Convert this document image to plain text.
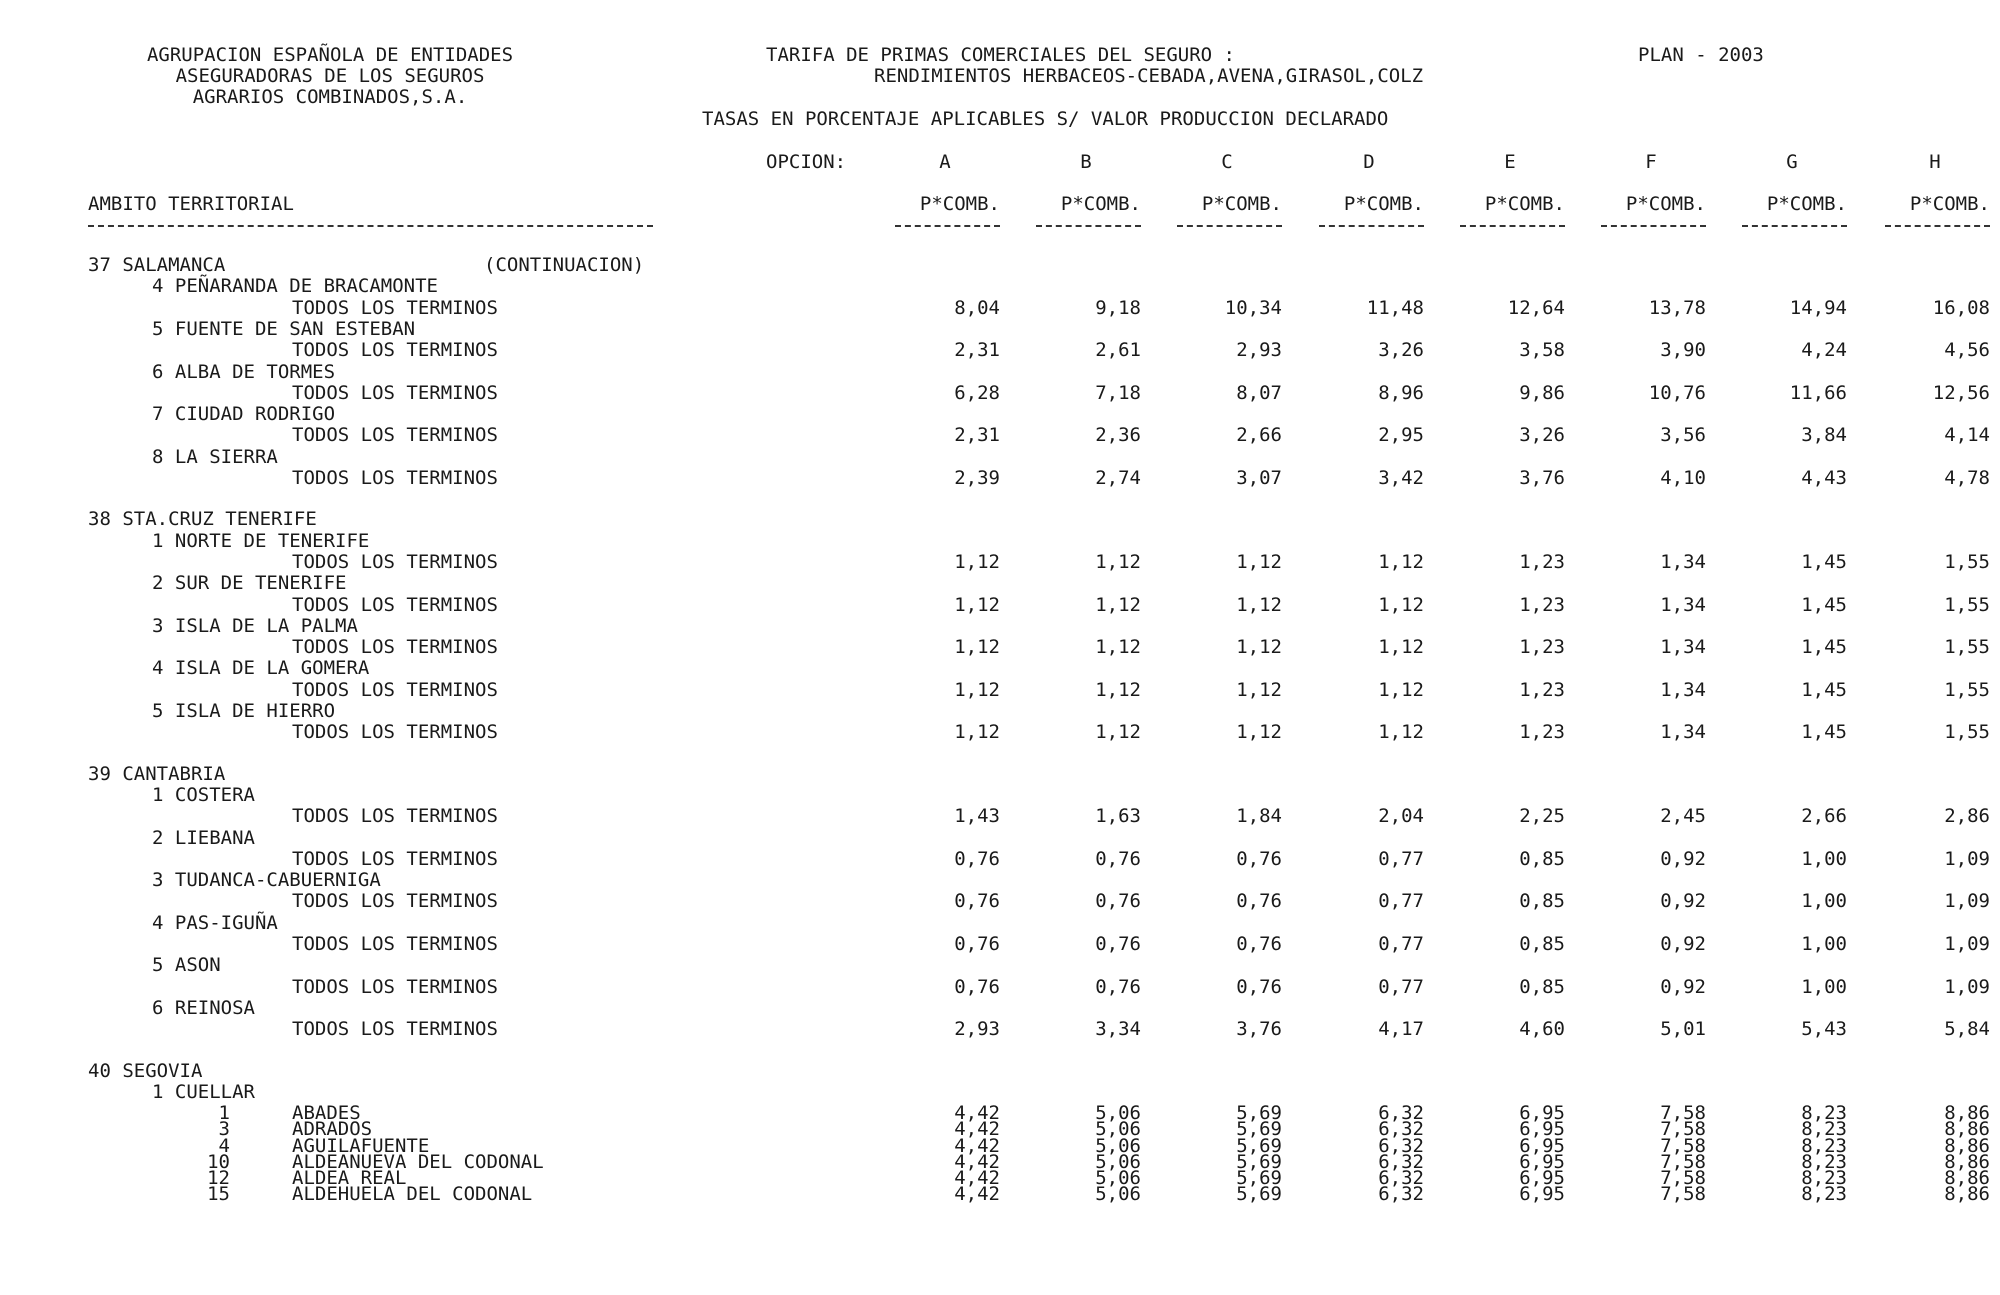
AGRUPACION ESPAÑOLA DE ENTIDADES
ASEGURADORAS DE LOS SEGUROS
AGRARIOS COMBINADOS,S.A.
TARIFA DE PRIMAS COMERCIALES DEL SEGURO :	PLAN - 2003
RENDIMIENTOS HERBACEOS-CEBADA,AVENA,GIRASOL,COLZ
TASAS EN PORCENTAJE APLICABLES S/ VALOR PRODUCCION DECLARADO
OPCION:
AMBITO TERRITORIAL
A	B	C	D	E	F	G	H
P*COMB.	P*COMB.	P*COMB.	P*COMB.	P*COMB.	P*COMB.	P*COMB.	P*COMB.
37 SALAMANCA	(CONTINUACION)
4 PEÑARANDA DE BRACAMONTE
TODOS LOS TERMINOS	8,04	9,18	10,34	11,48	12,64	13,78	14,94	16,08
5 FUENTE DE SAN ESTEBAN
TODOS LOS TERMINOS	2,31	2,61	2,93	3,26	3,58	3,90	4,24	4,56
6 ALBA DE TORMES
TODOS LOS TERMINOS	6,28	7,18	8,07	8,96	9,86	10,76	11,66	12,56
7 CIUDAD RODRIGO
TODOS LOS TERMINOS	2,31	2,36	2,66	2,95	3,26	3,56	3,84	4,14
8 LA SIERRA
TODOS LOS TERMINOS	2,39	2,74	3,07	3,42	3,76	4,10	4,43	4,78
38 STA.CRUZ TENERIFE
1 NORTE DE TENERIFE
TODOS LOS TERMINOS	1,12	1,12	1,12	1,12	1,23	1,34	1,45	1,55
2 SUR DE TENERIFE
TODOS LOS TERMINOS	1,12	1,12	1,12	1,12	1,23	1,34	1,45	1,55
3 ISLA DE LA PALMA
TODOS LOS TERMINOS	1,12	1,12	1,12	1,12	1,23	1,34	1,45	1,55
4 ISLA DE LA GOMERA
TODOS LOS TERMINOS	1,12	1,12	1,12	1,12	1,23	1,34	1,45	1,55
5 ISLA DE HIERRO
TODOS LOS TERMINOS	1,12	1,12	1,12	1,12	1,23	1,34	1,45	1,55
39 CANTABRIA
1 COSTERA
TODOS LOS TERMINOS	1,43	1,63	1,84	2,04	2,25	2,45	2,66	2,86
2 LIEBANA
TODOS LOS TERMINOS	0,76	0,76	0,76	0,77	0,85	0,92	1,00	1,09
3 TUDANCA-CABUERNIGA
TODOS LOS TERMINOS	0,76	0,76	0,76	0,77	0,85	0,92	1,00	1,09
4 PAS-IGUÑA
TODOS LOS TERMINOS	0,76	0,76	0,76	0,77	0,85	0,92	1,00	1,09
5 ASON
TODOS LOS TERMINOS	0,76	0,76	0,76	0,77	0,85	0,92	1,00	1,09
6 REINOSA
TODOS LOS TERMINOS	2,93	3,34	3,76	4,17	4,60	5,01	5,43	5,84
40 SEGOVIA
1 CUELLAR
1	ABADES	4,42	5,06	5,69	6,32	6,95	7,58	8,23	8,86
3	ADRADOS	4,42	5,06	5,69	6,32	6,95	7,58	8,23	8,86
4	AGUILAFUENTE	4,42	5,06	5,69	6,32	6,95	7,58	8,23	8,86
10	ALDEANUEVA DEL CODONAL	4,42	5,06	5,69	6,32	6,95	7,58	8,23	8,86
12	ALDEA REAL	4,42	5,06	5,69	6,32	6,95	7,58	8,23	8,86
15	ALDEHUELA DEL CODONAL	4,42	5,06	5,69	6,32	6,95	7,58	8,23	8,86
